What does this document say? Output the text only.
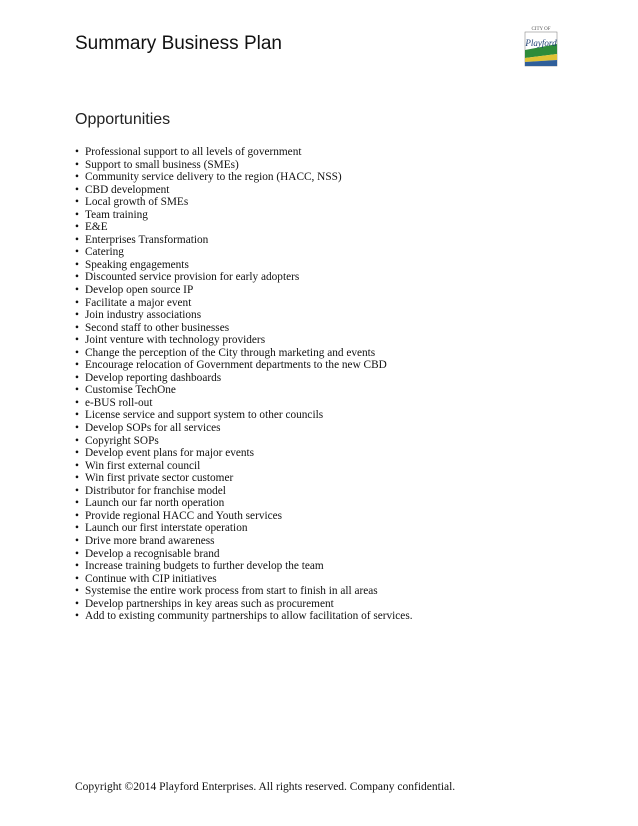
Summary Business Plan
CITY OF
Playford
Opportunities
• Professional support to all levels of government
• Support to small business (SMEs)
• Community service delivery to the region (HACC, NSS)
• CBD development
• Local growth of SMEs
• Team training
• E&E
• Enterprises Transformation
• Catering
• Speaking engagements
• Discounted service provision for early adopters
• Develop open source IP
• Facilitate a major event
• Join industry associations
• Second staff to other businesses
• Joint venture with technology providers
• Change the perception of the City through marketing and events
• Encourage relocation of Government departments to the new CBD
• Develop reporting dashboards
• Customise TechOne
• e-BUS roll-out
• License service and support system to other councils
• Develop SOPs for all services
• Copyright SOPs
• Develop event plans for major events
• Win first external council
• Win first private sector customer
• Distributor for franchise model
• Launch our far north operation
• Provide regional HACC and Youth services
• Launch our first interstate operation
• Drive more brand awareness
• Develop a recognisable brand
• Increase training budgets to further develop the team
• Continue with CIP initiatives
• Systemise the entire work process from start to finish in all areas
• Develop partnerships in key areas such as procurement
• Add to existing community partnerships to allow facilitation of services.
Copyright ©2014 Playford Enterprises. All rights reserved. Company confidential.
